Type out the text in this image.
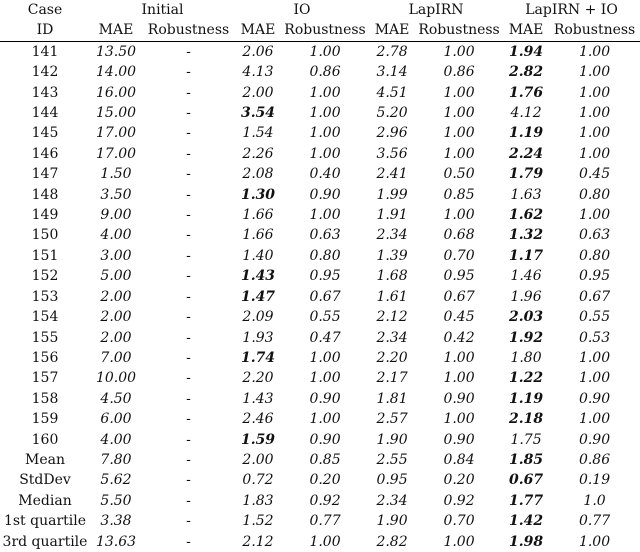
Case	Initial		IO		LapIRN		LapIRN + IO	
ID	MAE	Robustness	MAE	Robustness	MAE	Robustness	MAE	Robustness
141	13.50	-	2.06	1.00	2.78	1.00	1.94	1.00
142	14.00	-	4.13	0.86	3.14	0.86	2.82	1.00
143	16.00	-	2.00	1.00	4.51	1.00	1.76	1.00
144	15.00	-	3.54	1.00	5.20	1.00	4.12	1.00
145	17.00	-	1.54	1.00	2.96	1.00	1.19	1.00
146	17.00	-	2.26	1.00	3.56	1.00	2.24	1.00
147	1.50	-	2.08	0.40	2.41	0.50	1.79	0.45
148	3.50	-	1.30	0.90	1.99	0.85	1.63	0.80
149	9.00	-	1.66	1.00	1.91	1.00	1.62	1.00
150	4.00	-	1.66	0.63	2.34	0.68	1.32	0.63
151	3.00	-	1.40	0.80	1.39	0.70	1.17	0.80
152	5.00	-	1.43	0.95	1.68	0.95	1.46	0.95
153	2.00	-	1.47	0.67	1.61	0.67	1.96	0.67
154	2.00	-	2.09	0.55	2.12	0.45	2.03	0.55
155	2.00	-	1.93	0.47	2.34	0.42	1.92	0.53
156	7.00	-	1.74	1.00	2.20	1.00	1.80	1.00
157	10.00	-	2.20	1.00	2.17	1.00	1.22	1.00
158	4.50	-	1.43	0.90	1.81	0.90	1.19	0.90
159	6.00	-	2.46	1.00	2.57	1.00	2.18	1.00
160	4.00	-	1.59	0.90	1.90	0.90	1.75	0.90
Mean	7.80	-	2.00	0.85	2.55	0.84	1.85	0.86
StdDev	5.62	-	0.72	0.20	0.95	0.20	0.67	0.19
Median	5.50	-	1.83	0.92	2.34	0.92	1.77	1.0
1st quartile	3.38	-	1.52	0.77	1.90	0.70	1.42	0.77
3rd quartile	13.63	-	2.12	1.00	2.82	1.00	1.98	1.00
